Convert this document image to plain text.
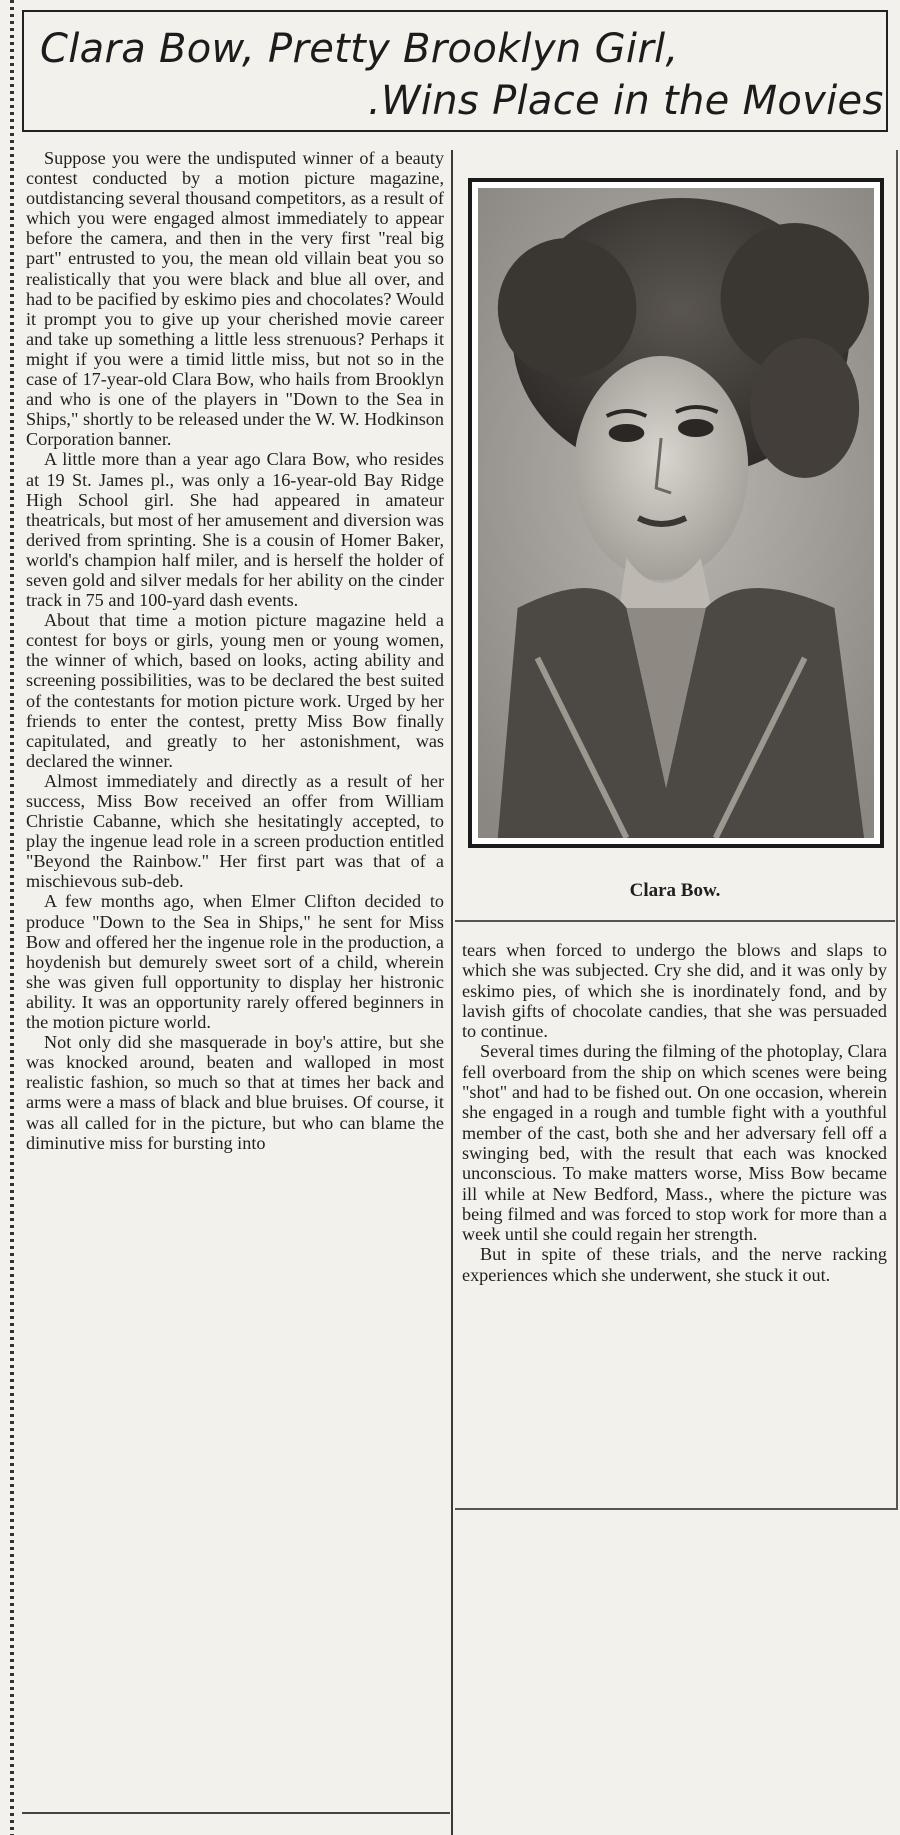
Clara Bow, Pretty Brooklyn Girl,
.Wins Place in the Movies

Suppose you were the undisputed winner of a beauty contest conducted by a motion picture magazine, outdistancing several thousand competitors, as a result of which you were engaged almost immediately to appear before the camera, and then in the very first "real big part" entrusted to you, the mean old villain beat you so realistically that you were black and blue all over, and had to be pacified by eskimo pies and chocolates? Would it prompt you to give up your cherished movie career and take up something a little less strenuous? Perhaps it might if you were a timid little miss, but not so in the case of 17-year-old Clara Bow, who hails from Brooklyn and who is one of the players in "Down to the Sea in Ships," shortly to be released under the W. W. Hodkinson Corporation banner.

A little more than a year ago Clara Bow, who resides at 19 St. James pl., was only a 16-year-old Bay Ridge High School girl. She had appeared in amateur theatricals, but most of her amusement and diversion was derived from sprinting. She is a cousin of Homer Baker, world's champion half miler, and is herself the holder of seven gold and silver medals for her ability on the cinder track in 75 and 100-yard dash events.

About that time a motion picture magazine held a contest for boys or girls, young men or young women, the winner of which, based on looks, acting ability and screening possibilities, was to be declared the best suited of the contestants for motion picture work. Urged by her friends to enter the contest, pretty Miss Bow finally capitulated, and greatly to her astonishment, was declared the winner.

Almost immediately and directly as a result of her success, Miss Bow received an offer from William Christie Cabanne, which she hesitatingly accepted, to play the ingenue lead role in a screen production entitled "Beyond the Rainbow." Her first part was that of a mischievous sub-deb.

A few months ago, when Elmer Clifton decided to produce "Down to the Sea in Ships," he sent for Miss Bow and offered her the ingenue role in the production, a hoydenish but demurely sweet sort of a child, wherein she was given full opportunity to display her histronic ability. It was an opportunity rarely offered beginners in the motion picture world.

Not only did she masquerade in boy's attire, but she was knocked around, beaten and walloped in most realistic fashion, so much so that at times her back and arms were a mass of black and blue bruises. Of course, it was all called for in the picture, but who can blame the diminutive miss for bursting into

Clara Bow.

tears when forced to undergo the blows and slaps to which she was subjected. Cry she did, and it was only by eskimo pies, of which she is inordinately fond, and by lavish gifts of chocolate candies, that she was persuaded to continue.

Several times during the filming of the photoplay, Clara fell overboard from the ship on which scenes were being "shot" and had to be fished out. On one occasion, wherein she engaged in a rough and tumble fight with a youthful member of the cast, both she and her adversary fell off a swinging bed, with the result that each was knocked unconscious. To make matters worse, Miss Bow became ill while at New Bedford, Mass., where the picture was being filmed and was forced to stop work for more than a week until she could regain her strength.

But in spite of these trials, and the nerve racking experiences which she underwent, she stuck it out.
